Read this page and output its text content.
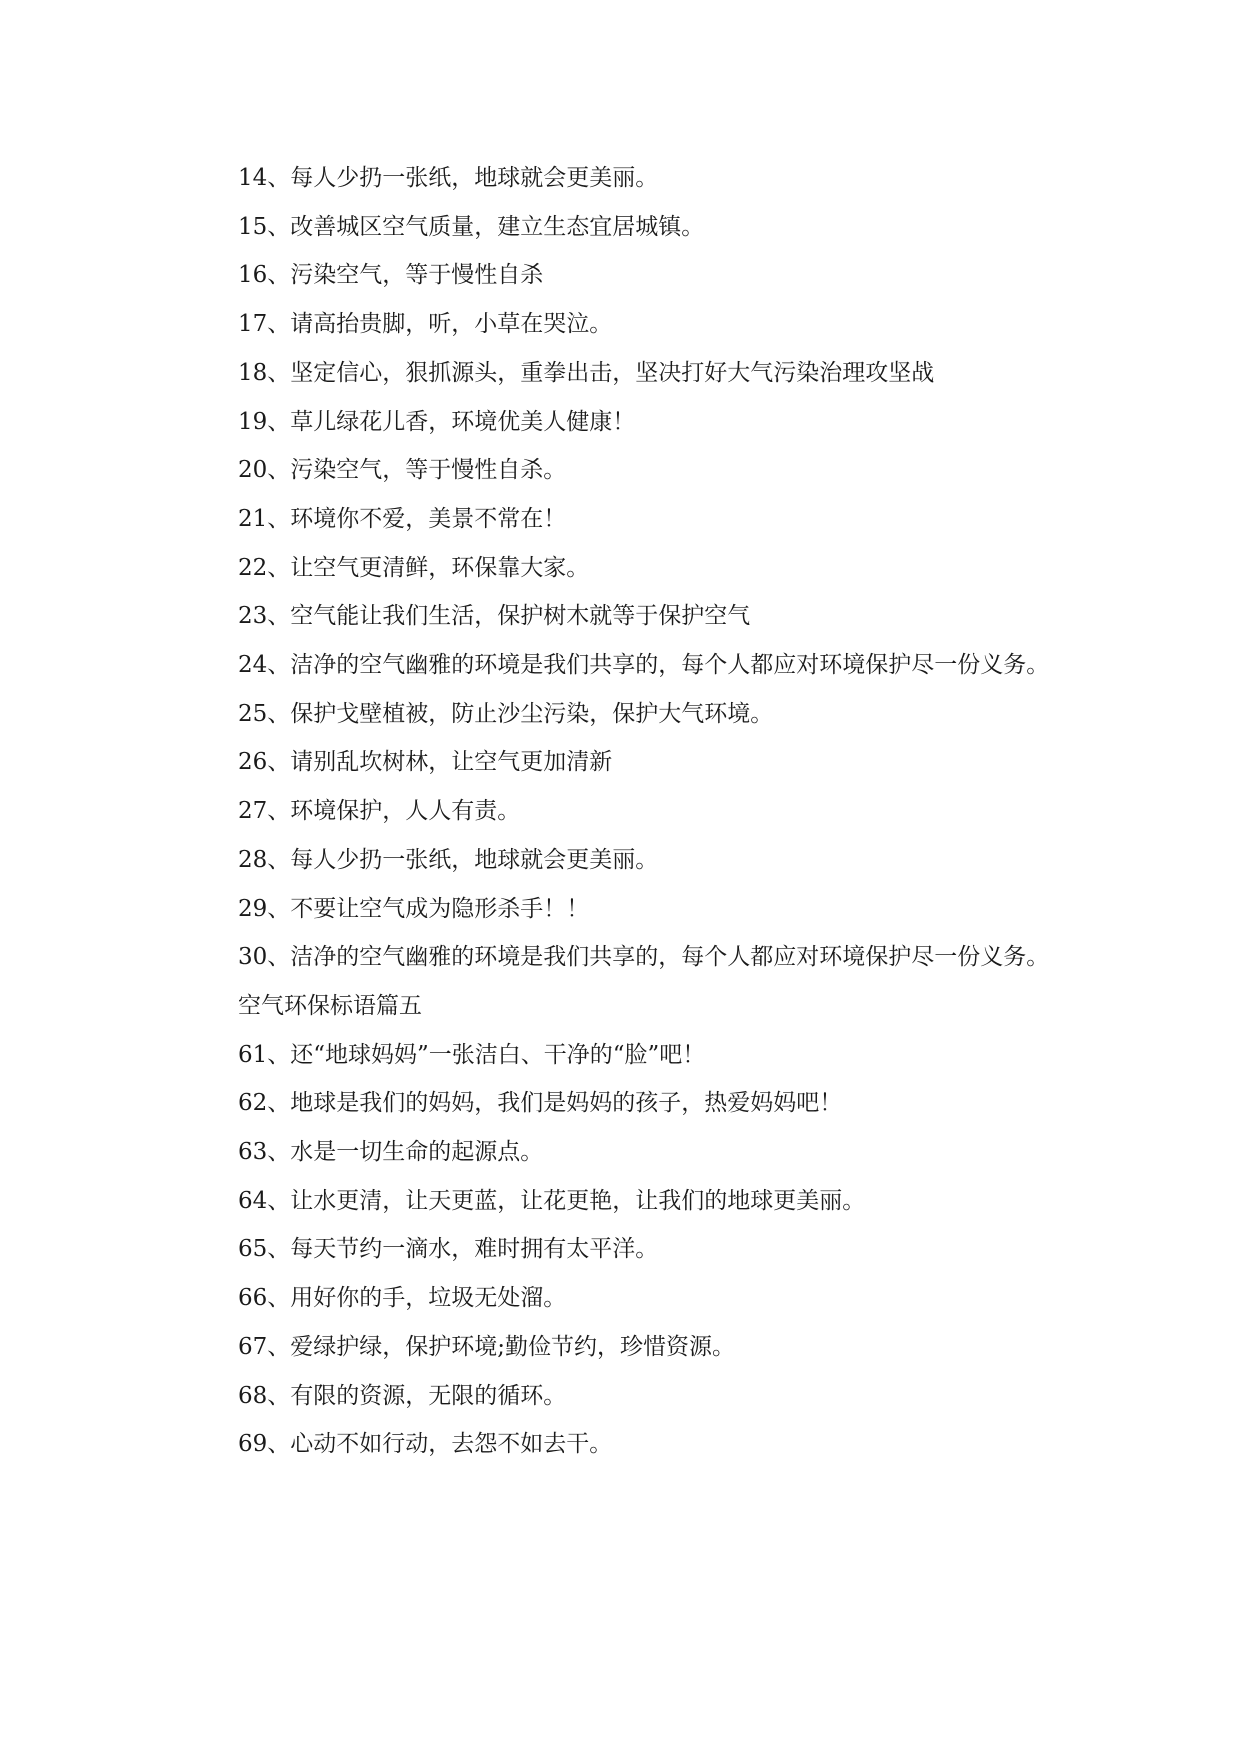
14、每人少扔一张纸，地球就会更美丽。

15、改善城区空气质量，建立生态宜居城镇。

16、污染空气，等于慢性自杀

17、请高抬贵脚，听，小草在哭泣。

18、坚定信心，狠抓源头，重拳出击，坚决打好大气污染治理攻坚战

19、草儿绿花儿香，环境优美人健康！

20、污染空气，等于慢性自杀。

21、环境你不爱，美景不常在！

22、让空气更清鲜，环保靠大家。

23、空气能让我们生活，保护树木就等于保护空气

24、洁净的空气幽雅的环境是我们共享的，每个人都应对环境保护尽一份义务。

25、保护戈壁植被，防止沙尘污染，保护大气环境。

26、请别乱坎树林，让空气更加清新

27、环境保护，人人有责。

28、每人少扔一张纸，地球就会更美丽。

29、不要让空气成为隐形杀手！！

30、洁净的空气幽雅的环境是我们共享的，每个人都应对环境保护尽一份义务。

空气环保标语篇五

61、还“地球妈妈”一张洁白、干净的“脸”吧！

62、地球是我们的妈妈，我们是妈妈的孩子，热爱妈妈吧！

63、水是一切生命的起源点。

64、让水更清，让天更蓝，让花更艳，让我们的地球更美丽。

65、每天节约一滴水，难时拥有太平洋。

66、用好你的手，垃圾无处溜。

67、爱绿护绿，保护环境;勤俭节约，珍惜资源。

68、有限的资源，无限的循环。

69、心动不如行动，去怨不如去干。
